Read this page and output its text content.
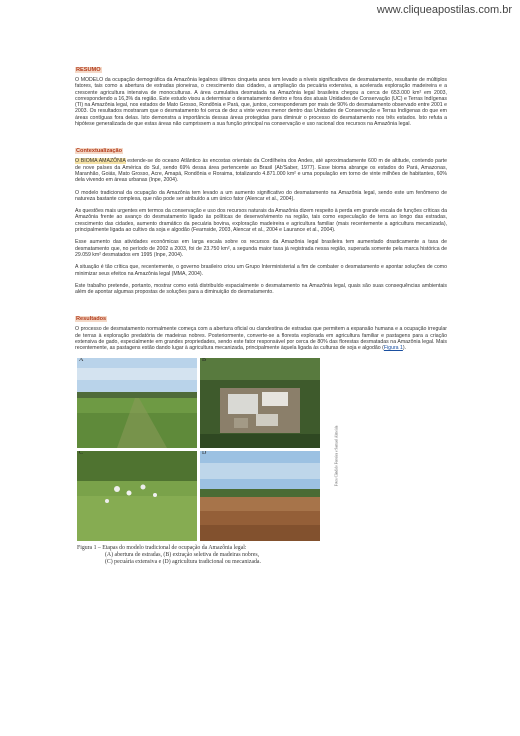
www.cliqueapostilas.com.br
RESUMO

O MODELO da ocupação demográfica da Amazônia legalnos últimos cinqueta anos tem levado a níveis significativos de desmatamento, resultante de múltiplos fatores, tais como a abertura de estradas pioneiras, o crescimento das cidades, a ampliação da pecuária extensiva, a acelerada exploração madeireira e a crescente agricultura intensiva de monoculturas. A área cumulativa desmatada na Amazônia legal brasileira chegou a cerca de 653.000 km² em 2003, correspondendo a 16,3% da região. Este estudo visou a determinar o desmatamento dentro e fora dos atuais Unidades de Conservação (UC) e Terras Indígenas (TI) na Amazônia legal, nos estados de Mato Grosso, Rondônia e Pará, que, juntos, corresponderam por mais de 90% do desmatamento observado entre 2001 e 2003. Os resultados mostraram que o desmatamento foi cerca de dez a vinte vezes menor dentro das Unidades de Conservação e Terras Indígenas do que em áreas contíguas fora delas. Isto demonstra a importância dessas áreas protegidas para diminuir o processo do desmatamento nos três estados. Isto refuta a hipótese generalizada de que estas áreas não cumprissem a sua função principal na conservação e uso racional dos recursos na Amazônia legal.

Contextualização

O BIOMA AMAZÔNIA estende-se do oceano Atlântico às encostas orientais da Cordilheira dos Andes, até aproximadamente 600 m de altitude, contendo parte de nove países da América do Sul, sendo 69% dessa área pertencente ao Brasil (Ab'Saber, 1977). Esse bioma abrange os estados do Pará, Amazonas, Maranhão, Goiás, Mato Grosso, Acre, Amapá, Rondônia e Roraima, totalizando 4.871.000 km² e uma população em torno de vinte milhões de habitantes, 60% dela vivendo em áreas urbanas (Inpe, 2004).

O modelo tradicional da ocupação da Amazônia tem levado a um aumento significativo do desmatamento na Amazônia legal, sendo este um fenômeno de natureza bastante complexa, que não pode ser atribuído a um único fator (Alencar et al., 2004).

As questões mais urgentes em termos da conservação e uso dos recursos naturais da Amazônia dizem respeito à perda em grande escala de funções críticas da Amazônia frente ao avanço do desmatamento ligado às políticas de desenvolvimento na região, tais como especulação de terra ao longo das estradas, crescimento das cidades, aumento dramático da pecuária bovina, exploração madeireira e agricultura familiar (mais recentemente a agricultura mecanizada), principalmente ligada ao cultivo da soja e algodão (Fearnside, 2003, Alencar et al., 2004 e Laurance et al., 2004).

Esse aumento das atividades econômicas em larga escala sobre os recursos da Amazônia legal brasileira tem aumentado drasticamente a taxa de desmatamento que, no período de 2002 a 2003, foi de 23.750 km², a segunda maior taxa já registrada nessa região, superada somente pela marca histórica de 29.059 km² desmatados em 1995 (Inpe, 2004).

A situação é tão crítica que, recentemente, o governo brasileiro criou um Grupo Interministerial a fim de combater o desmatamento e apontar soluções de como minimizar seus efeitos na Amazônia legal (MMA, 2004).

Este trabalho pretende, portanto, mostrar como está distribuído espacialmente o desmatamento na Amazônia legal, quais são suas consequências ambientais além de apontar algumas propostas de soluções para a diminuição do desmatamento.

Resultados

O processo de desmatamento normalmente começa com a abertura oficial ou clandestina de estradas que permitem a expansão humana e a ocupação irregular de terras à exploração predatória de madeiras nobres. Posteriormente, converte-se a floresta explorada em agricultura familiar e pastagens para a criação extensiva de gado, especialmente em grandes propriedades, sendo este fator responsável por cerca de 80% das florestas desmatadas na Amazônia legal. Mais recentemente, as pastagens estão dando lugar à agricultura mecanizada, principalmente àquela ligada às culturas de soja e algodão (Figura 1).

A	B
C	D	Fotos Cândido Ferreira e Samuel Almeida
Figura 1 – Etapas do modelo tradicional de ocupação da Amazônia legal:
(A) abertura de estradas, (B) extração seletiva de madeiras nobres,
(C) pecuária extensiva e (D) agricultura tradicional ou mecanizada.
